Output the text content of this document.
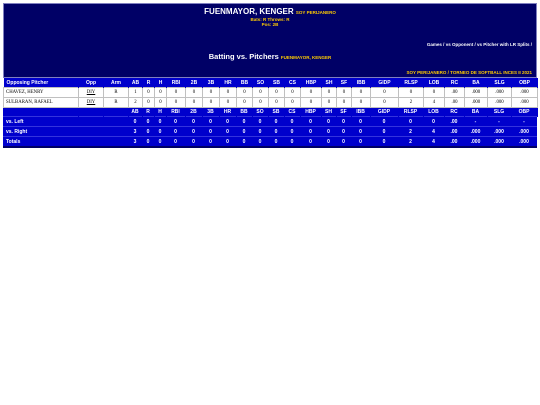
FUENMAYOR, KENGER SOY PERIJANERO
Bats: R Throws: R
Pos: 2B
Games / vs Opponent / vs Pitcher with LR Splits /
Batting vs. Pitchers FUENMAYOR, KENGER
SOY PERIJANERO / TORNEO DE SOFTBALL INCES II 2021
Opposing Pitcher	Opp	Arm	AB	R	H	RBI	2B	3B	HR	BB	SO	SB	CS	HBP	SH	SF	IBB	GIDP	RLSP	LOB	RC	BA	SLG	OBP
CHAVEZ, HENRY	DIY	R	1	0	0	0	0	0	0	0	0	0	0	0	0	0	0	0	0	0	.00	.000	.000	.000
SULBARAN, RAFAEL	DIY	R	2	0	0	0	0	0	0	0	0	0	0	0	0	0	0	0	2	4	.00	.000	.000	.000
			AB	R	H	RBI	2B	3B	HR	BB	SO	SB	CS	HBP	SH	SF	IBB	GIDP	RLSP	LOB	RC	BA	SLG	OBP
vs. Left			0	0	0	0	0	0	0	0	0	0	0	0	0	0	0	0	0	0	.00	-	-	-
vs. Right			3	0	0	0	0	0	0	0	0	0	0	0	0	0	0	0	2	4	.00	.000	.000	.000
Totals			3	0	0	0	0	0	0	0	0	0	0	0	0	0	0	0	2	4	.00	.000	.000	.000
